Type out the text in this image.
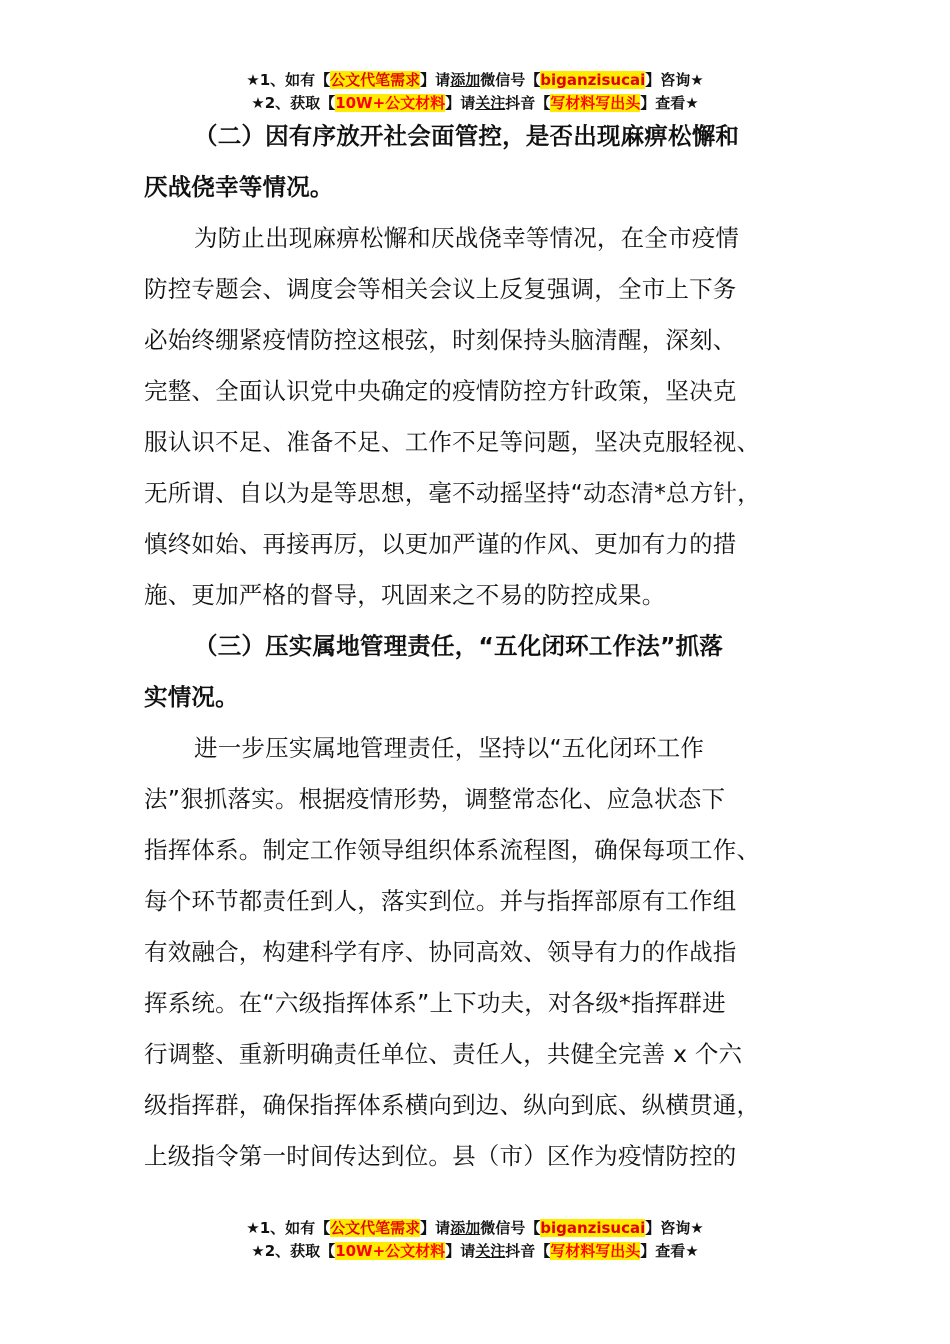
★1、如有【公文代笔需求】请添加微信号【biganzisucai】咨询★
★2、获取【10W+公文材料】请关注抖音【写材料写出头】查看★
（二）因有序放开社会面管控，是否出现麻痹松懈和
厌战侥幸等情况。
为防止出现麻痹松懈和厌战侥幸等情况，在全市疫情
防控专题会、调度会等相关会议上反复强调，全市上下务
必始终绷紧疫情防控这根弦，时刻保持头脑清醒，深刻、
完整、全面认识党中央确定的疫情防控方针政策，坚决克
服认识不足、准备不足、工作不足等问题，坚决克服轻视、
无所谓、自以为是等思想，毫不动摇坚持“动态清*总方针，
慎终如始、再接再厉，以更加严谨的作风、更加有力的措
施、更加严格的督导，巩固来之不易的防控成果。
（三）压实属地管理责任，“五化闭环工作法”抓落
实情况。
进一步压实属地管理责任，坚持以“五化闭环工作
法”狠抓落实。根据疫情形势，调整常态化、应急状态下
指挥体系。制定工作领导组织体系流程图，确保每项工作、
每个环节都责任到人，落实到位。并与指挥部原有工作组
有效融合，构建科学有序、协同高效、领导有力的作战指
挥系统。在“六级指挥体系”上下功夫，对各级*指挥群进
行调整、重新明确责任单位、责任人，共健全完善 x 个六
级指挥群，确保指挥体系横向到边、纵向到底、纵横贯通，
上级指令第一时间传达到位。县（市）区作为疫情防控的
★1、如有【公文代笔需求】请添加微信号【biganzisucai】咨询★
★2、获取【10W+公文材料】请关注抖音【写材料写出头】查看★
